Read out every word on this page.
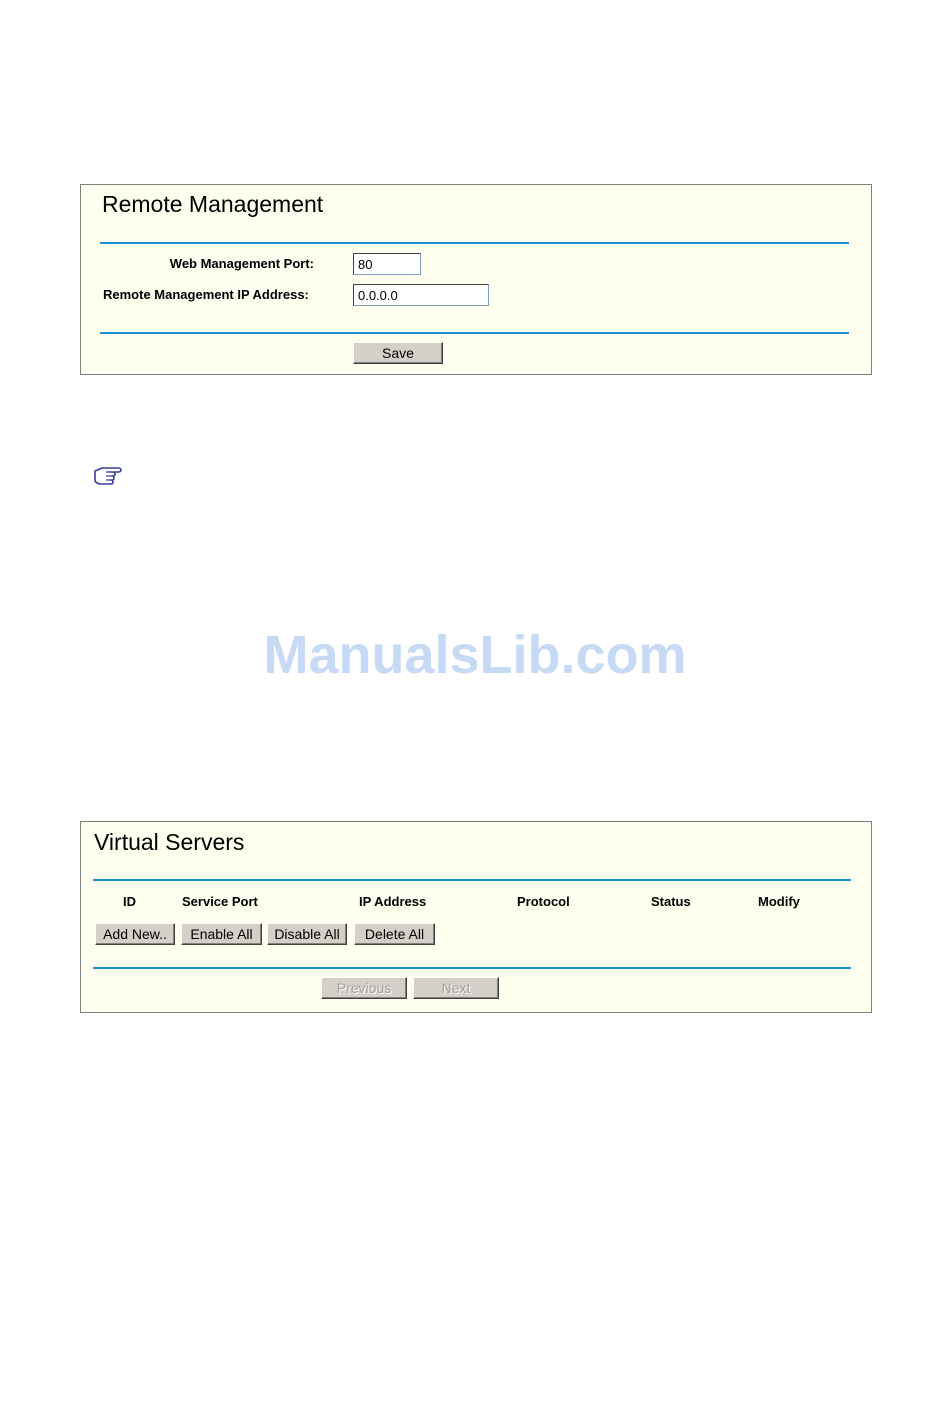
Remote Management
Web Management Port:
80
Remote Management IP Address:
0.0.0.0
Save
ManualsLib.com
Virtual Servers
ID	Service Port	IP Address	Protocol	Status	Modify
Add New..	Enable All	Disable All	Delete All
Previous	Next
